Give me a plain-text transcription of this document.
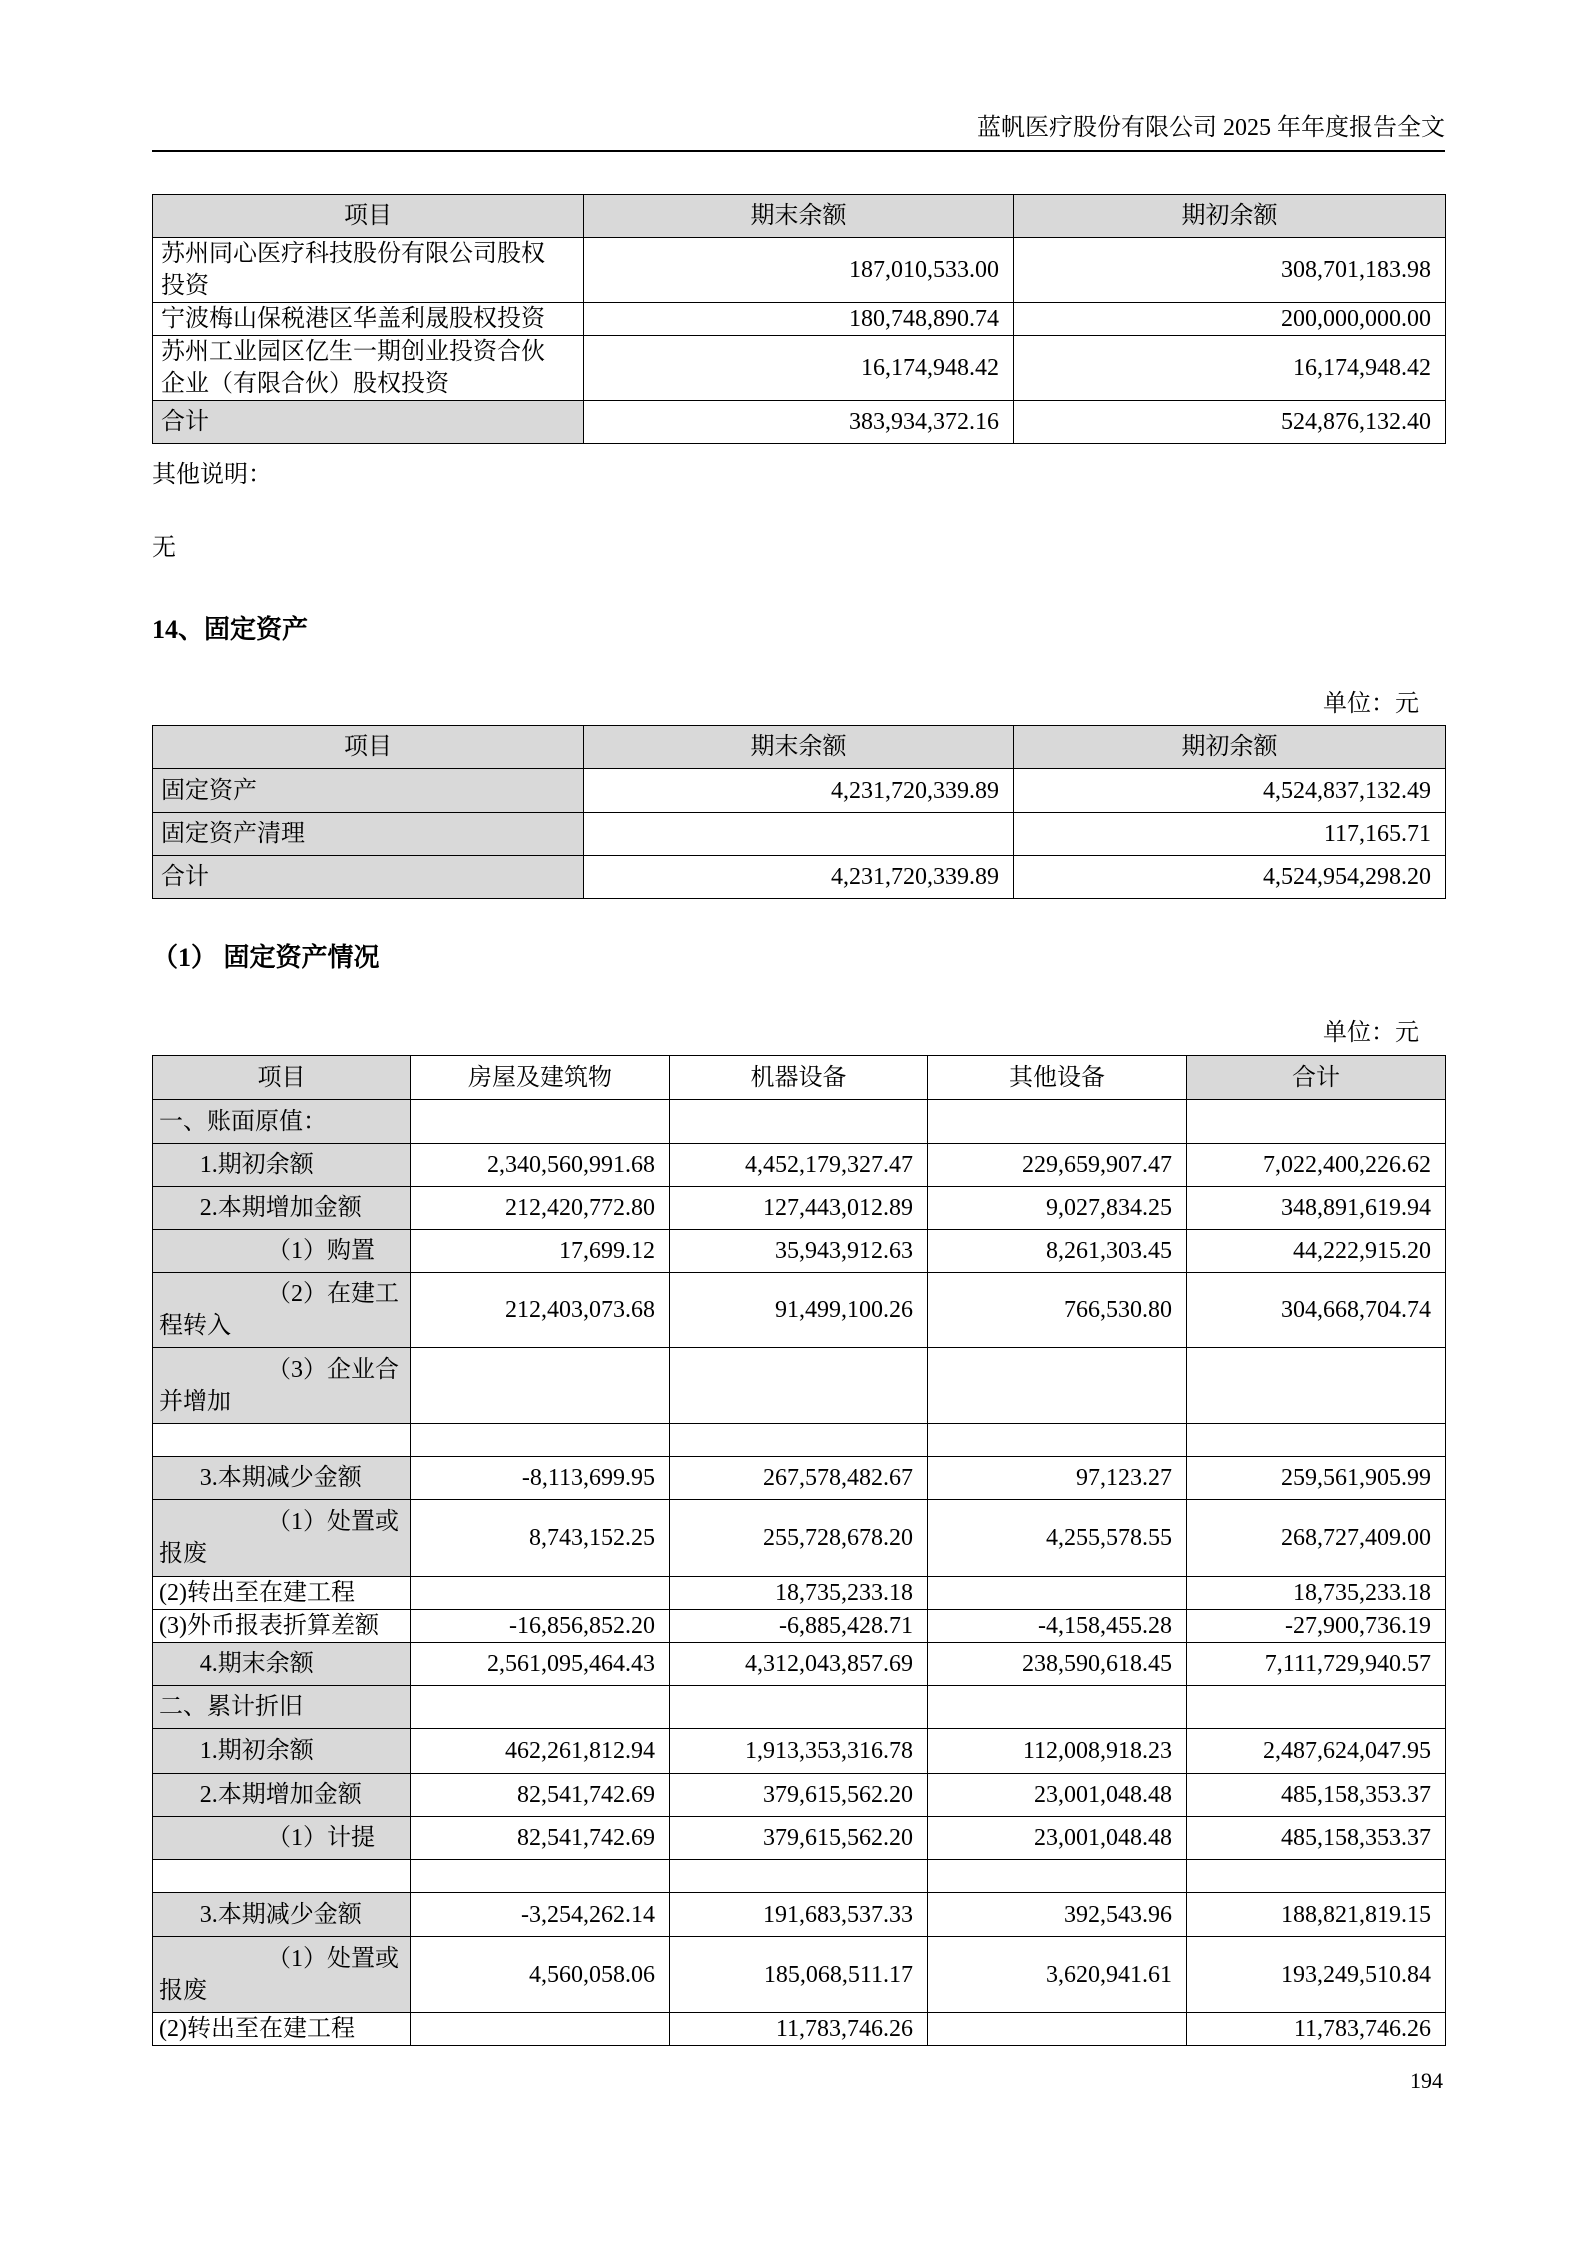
蓝帆医疗股份有限公司 2025 年年度报告全文
项目	期末余额	期初余额
苏州同心医疗科技股份有限公司股权投资	187,010,533.00	308,701,183.98
宁波梅山保税港区华盖利晟股权投资	180,748,890.74	200,000,000.00
苏州工业园区亿生一期创业投资合伙企业（有限合伙）股权投资	16,174,948.42	16,174,948.42
合计	383,934,372.16	524,876,132.40
其他说明：
无
14、固定资产
单位：元
项目	期末余额	期初余额
固定资产	4,231,720,339.89	4,524,837,132.49
固定资产清理		117,165.71
合计	4,231,720,339.89	4,524,954,298.20
（1） 固定资产情况
单位：元
项目	房屋及建筑物	机器设备	其他设备	合计
一、账面原值：				
1.期初余额	2,340,560,991.68	4,452,179,327.47	229,659,907.47	7,022,400,226.62
2.本期增加金额	212,420,772.80	127,443,012.89	9,027,834.25	348,891,619.94
（1）购置	17,699.12	35,943,912.63	8,261,303.45	44,222,915.20
（2）在建工程转入	212,403,073.68	91,499,100.26	766,530.80	304,668,704.74
（3）企业合并增加				

3.本期减少金额	-8,113,699.95	267,578,482.67	97,123.27	259,561,905.99
（1）处置或报废	8,743,152.25	255,728,678.20	4,255,578.55	268,727,409.00
(2)转出至在建工程		18,735,233.18		18,735,233.18
(3)外币报表折算差额	-16,856,852.20	-6,885,428.71	-4,158,455.28	-27,900,736.19
4.期末余额	2,561,095,464.43	4,312,043,857.69	238,590,618.45	7,111,729,940.57
二、累计折旧				
1.期初余额	462,261,812.94	1,913,353,316.78	112,008,918.23	2,487,624,047.95
2.本期增加金额	82,541,742.69	379,615,562.20	23,001,048.48	485,158,353.37
（1）计提	82,541,742.69	379,615,562.20	23,001,048.48	485,158,353.37

3.本期减少金额	-3,254,262.14	191,683,537.33	392,543.96	188,821,819.15
（1）处置或报废	4,560,058.06	185,068,511.17	3,620,941.61	193,249,510.84
(2)转出至在建工程		11,783,746.26		11,783,746.26
194
